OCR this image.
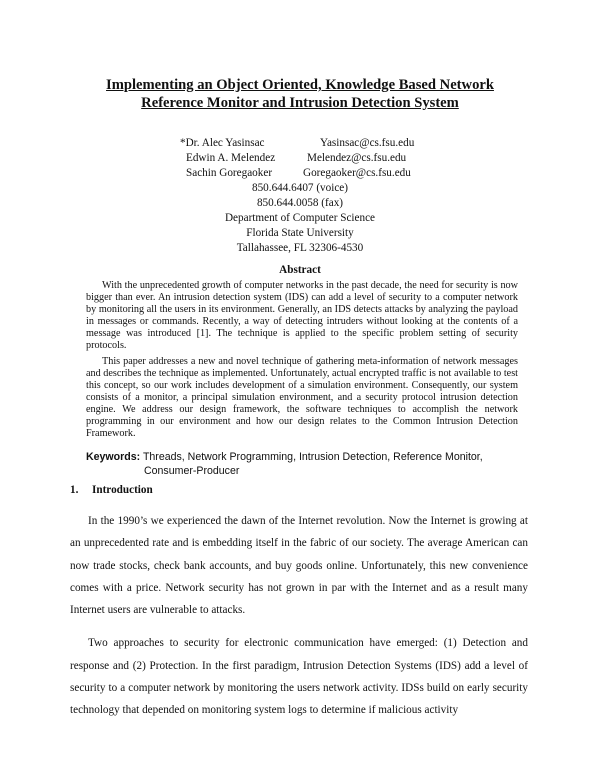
Implementing an Object Oriented, Knowledge Based Network
Reference Monitor and Intrusion Detection System
*Dr. Alec Yasinsac	Yasinsac@cs.fsu.edu
Edwin A. Melendez	Melendez@cs.fsu.edu
Sachin Goregaoker	Goregaoker@cs.fsu.edu
850.644.6407 (voice)
850.644.0058 (fax)
Department of Computer Science
Florida State University
Tallahassee, FL 32306-4530
Abstract

With the unprecedented growth of computer networks in the past decade, the need for security is now bigger than ever. An intrusion detection system (IDS) can add a level of security to a computer network by monitoring all the users in its environment. Generally, an IDS detects attacks by analyzing the payload in messages or commands. Recently, a way of detecting intruders without looking at the contents of a message was introduced [1]. The technique is applied to the specific problem setting of security protocols.

This paper addresses a new and novel technique of gathering meta-information of network messages and describes the technique as implemented. Unfortunately, actual encrypted traffic is not available to test this concept, so our work includes development of a simulation environment. Consequently, our system consists of a monitor, a principal simulation environment, and a security protocol intrusion detection engine. We address our design framework, the software techniques to accomplish the network programming in our environment and how our design relates to the Common Intrusion Detection Framework.

Keywords: Threads, Network Programming, Intrusion Detection, Reference Monitor,
Consumer-Producer
1. Introduction

In the 1990’s we experienced the dawn of the Internet revolution. Now the Internet is growing at an unprecedented rate and is embedding itself in the fabric of our society. The average American can now trade stocks, check bank accounts, and buy goods online. Unfortunately, this new convenience comes with a price. Network security has not grown in par with the Internet and as a result many Internet users are vulnerable to attacks.

Two approaches to security for electronic communication have emerged: (1) Detection and response and (2) Protection. In the first paradigm, Intrusion Detection Systems (IDS) add a level of security to a computer network by monitoring the users network activity. IDSs build on early security technology that depended on monitoring system logs to determine if malicious activity
